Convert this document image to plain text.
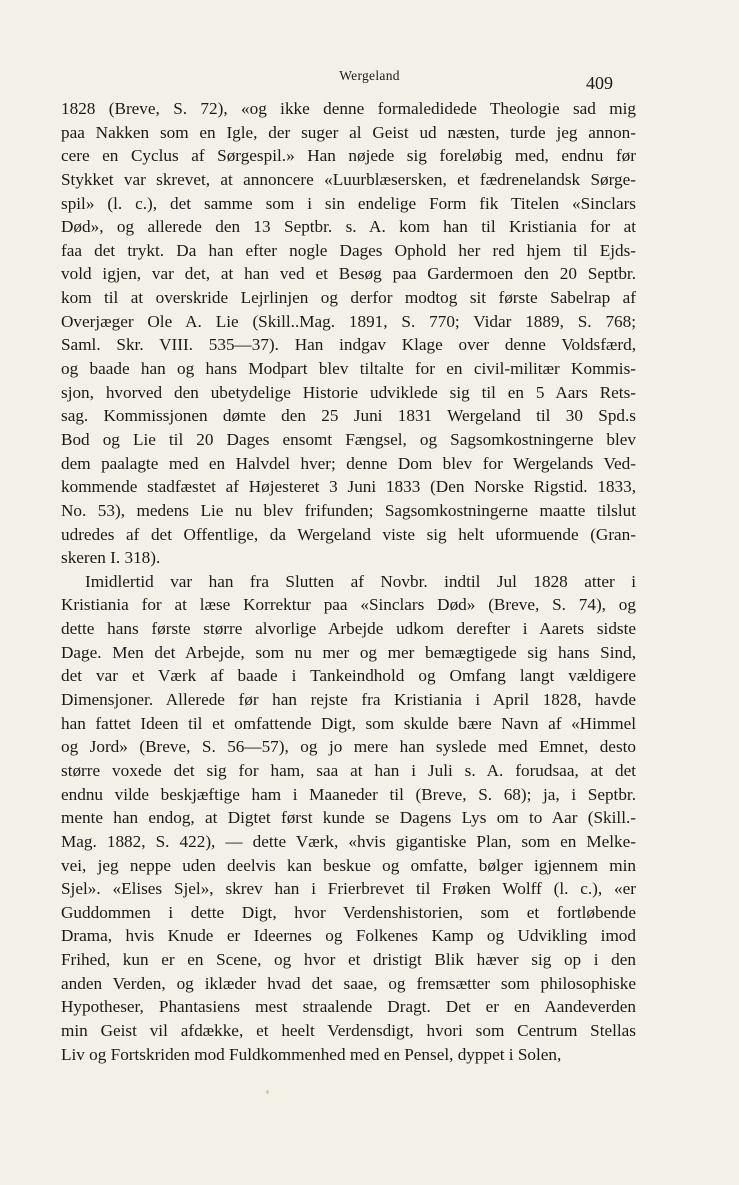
Wergeland	409
1828 (Breve, S. 72), «og ikke denne formaledidede Theologie sad mig
paa Nakken som en Igle, der suger al Geist ud næsten, turde jeg annon-
cere en Cyclus af Sørgespil.» Han nøjede sig foreløbig med, endnu før
Stykket var skrevet, at annoncere «Luurblæsersken, et fædrenelandsk Sørge-
spil» (l. c.), det samme som i sin endelige Form fik Titelen «Sinclars
Død», og allerede den 13 Septbr. s. A. kom han til Kristiania for at
faa det trykt. Da han efter nogle Dages Ophold her red hjem til Ejds-
vold igjen, var det, at han ved et Besøg paa Gardermoen den 20 Septbr.
kom til at overskride Lejrlinjen og derfor modtog sit første Sabelrap af
Overjæger Ole A. Lie (Skill..Mag. 1891, S. 770; Vidar 1889, S. 768;
Saml. Skr. VIII. 535—37). Han indgav Klage over denne Voldsfærd,
og baade han og hans Modpart blev tiltalte for en civil-militær Kommis-
sjon, hvorved den ubetydelige Historie udviklede sig til en 5 Aars Rets-
sag. Kommissjonen dømte den 25 Juni 1831 Wergeland til 30 Spd.s
Bod og Lie til 20 Dages ensomt Fængsel, og Sagsomkostningerne blev
dem paalagte med en Halvdel hver; denne Dom blev for Wergelands Ved-
kommende stadfæstet af Højesteret 3 Juni 1833 (Den Norske Rigstid. 1833,
No. 53), medens Lie nu blev frifunden; Sagsomkostningerne maatte tilslut
udredes af det Offentlige, da Wergeland viste sig helt uformuende (Gran-
skeren I. 318).
Imidlertid var han fra Slutten af Novbr. indtil Jul 1828 atter i
Kristiania for at læse Korrektur paa «Sinclars Død» (Breve, S. 74), og
dette hans første større alvorlige Arbejde udkom derefter i Aarets sidste
Dage. Men det Arbejde, som nu mer og mer bemægtigede sig hans Sind,
det var et Værk af baade i Tankeindhold og Omfang langt vældigere
Dimensjoner. Allerede før han rejste fra Kristiania i April 1828, havde
han fattet Ideen til et omfattende Digt, som skulde bære Navn af «Himmel
og Jord» (Breve, S. 56—57), og jo mere han syslede med Emnet, desto
større voxede det sig for ham, saa at han i Juli s. A. forudsaa, at det
endnu vilde beskjæftige ham i Maaneder til (Breve, S. 68); ja, i Septbr.
mente han endog, at Digtet først kunde se Dagens Lys om to Aar (Skill.-
Mag. 1882, S. 422), — dette Værk, «hvis gigantiske Plan, som en Melke-
vei, jeg neppe uden deelvis kan beskue og omfatte, bølger igjennem min
Sjel». «Elises Sjel», skrev han i Frierbrevet til Frøken Wolff (l. c.), «er
Guddommen i dette Digt, hvor Verdenshistorien, som et fortløbende
Drama, hvis Knude er Ideernes og Folkenes Kamp og Udvikling imod
Frihed, kun er en Scene, og hvor et dristigt Blik hæver sig op i den
anden Verden, og iklæder hvad det saae, og fremsætter som philosophiske
Hypotheser, Phantasiens mest straalende Dragt. Det er en Aandeverden
min Geist vil afdække, et heelt Verdensdigt, hvori som Centrum Stellas
Liv og Fortskriden mod Fuldkommenhed med en Pensel, dyppet i Solen,
